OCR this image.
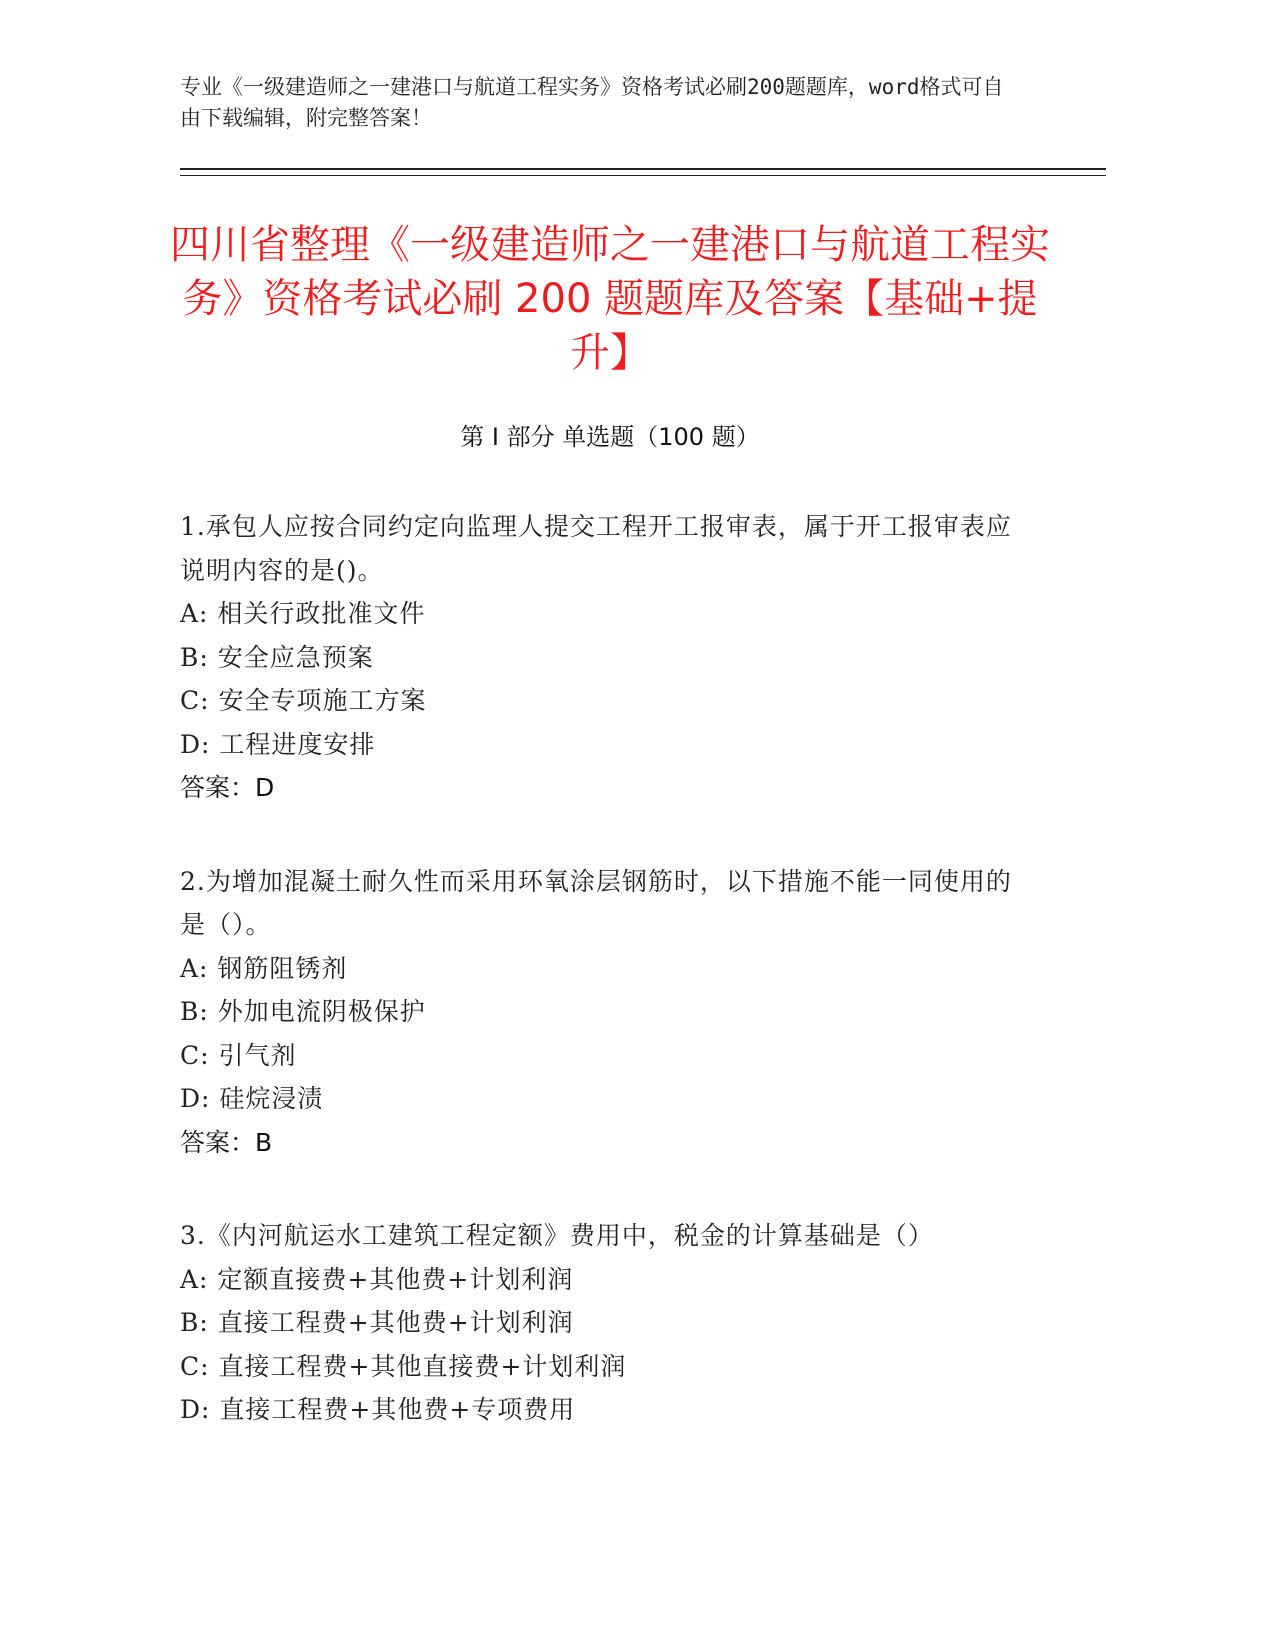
专业《一级建造师之一建港口与航道工程实务》资格考试必刷200题题库，word格式可自由下载编辑，附完整答案！
四川省整理《一级建造师之一建港口与航道工程实务》资格考试必刷 200 题题库及答案【基础+提升】
第 I 部分 单选题（100 题）
1.承包人应按合同约定向监理人提交工程开工报审表，属于开工报审表应说明内容的是()。
A: 相关行政批准文件
B: 安全应急预案
C: 安全专项施工方案
D: 工程进度安排
答案：D
2.为增加混凝土耐久性而采用环氧涂层钢筋时，以下措施不能一同使用的是（）。
A: 钢筋阻锈剂
B: 外加电流阴极保护
C: 引气剂
D: 硅烷浸渍
答案：B
3.《内河航运水工建筑工程定额》费用中，税金的计算基础是（）
A: 定额直接费+其他费+计划利润
B: 直接工程费+其他费+计划利润
C: 直接工程费+其他直接费+计划利润
D: 直接工程费+其他费+专项费用
